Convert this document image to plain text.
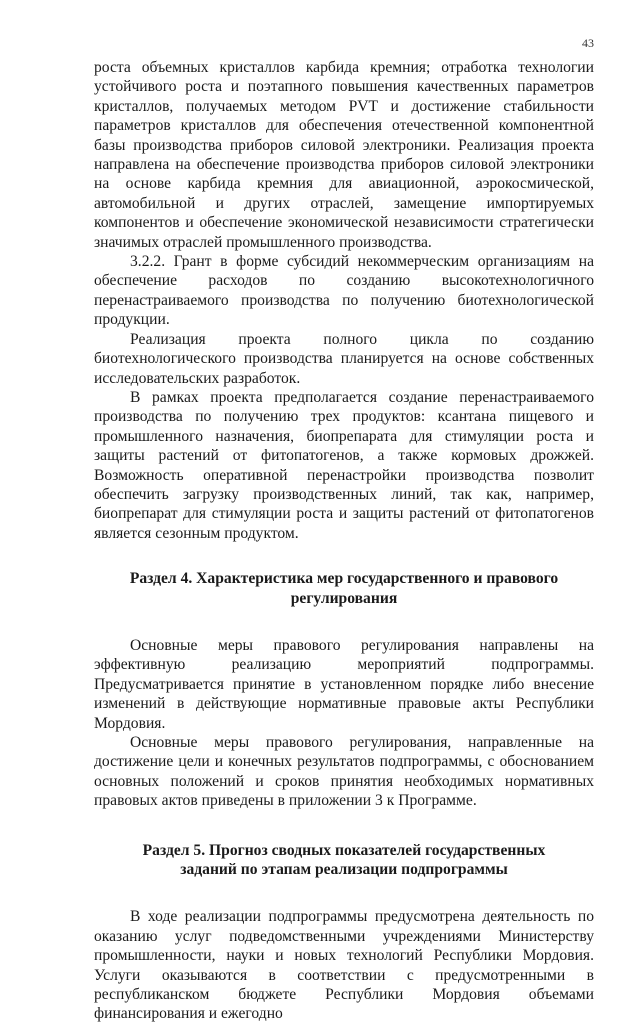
43

роста объемных кристаллов карбида кремния; отработка технологии устойчивого роста и поэтапного повышения качественных параметров кристаллов, получаемых методом PVT и достижение стабильности параметров кристаллов для обеспечения отечественной компонентной базы производства приборов силовой электроники. Реализация проекта направлена на обеспечение производства приборов силовой электроники на основе карбида кремния для авиационной, аэрокосмической, автомобильной и других отраслей, замещение импортируемых компонентов и обеспечение экономической независимости стратегически значимых отраслей промышленного производства.

3.2.2. Грант в форме субсидий некоммерческим организациям на обеспечение расходов по созданию высокотехнологичного перенастраиваемого производства по получению биотехнологической продукции.

Реализация проекта полного цикла по созданию биотехнологического производства планируется на основе собственных исследовательских разработок.

В рамках проекта предполагается создание перенастраиваемого производства по получению трех продуктов: ксантана пищевого и промышленного назначения, биопрепарата для стимуляции роста и защиты растений от фитопатогенов, а также кормовых дрожжей. Возможность оперативной перенастройки производства позволит обеспечить загрузку производственных линий, так как, например, биопрепарат для стимуляции роста и защиты растений от фитопатогенов является сезонным продуктом.

Раздел 4. Характеристика мер государственного и правового регулирования

Основные меры правового регулирования направлены на эффективную реализацию мероприятий подпрограммы. Предусматривается принятие в установленном порядке либо внесение изменений в действующие нормативные правовые акты Республики Мордовия.

Основные меры правового регулирования, направленные на достижение цели и конечных результатов подпрограммы, с обоснованием основных положений и сроков принятия необходимых нормативных правовых актов приведены в приложении 3 к Программе.

Раздел 5. Прогноз сводных показателей государственных заданий по этапам реализации подпрограммы

В ходе реализации подпрограммы предусмотрена деятельность по оказанию услуг подведомственными учреждениями Министерству промышленности, науки и новых технологий Республики Мордовия. Услуги оказываются в соответствии с предусмотренными в республиканском бюджете Республики Мордовия объемами финансирования и ежегодно
